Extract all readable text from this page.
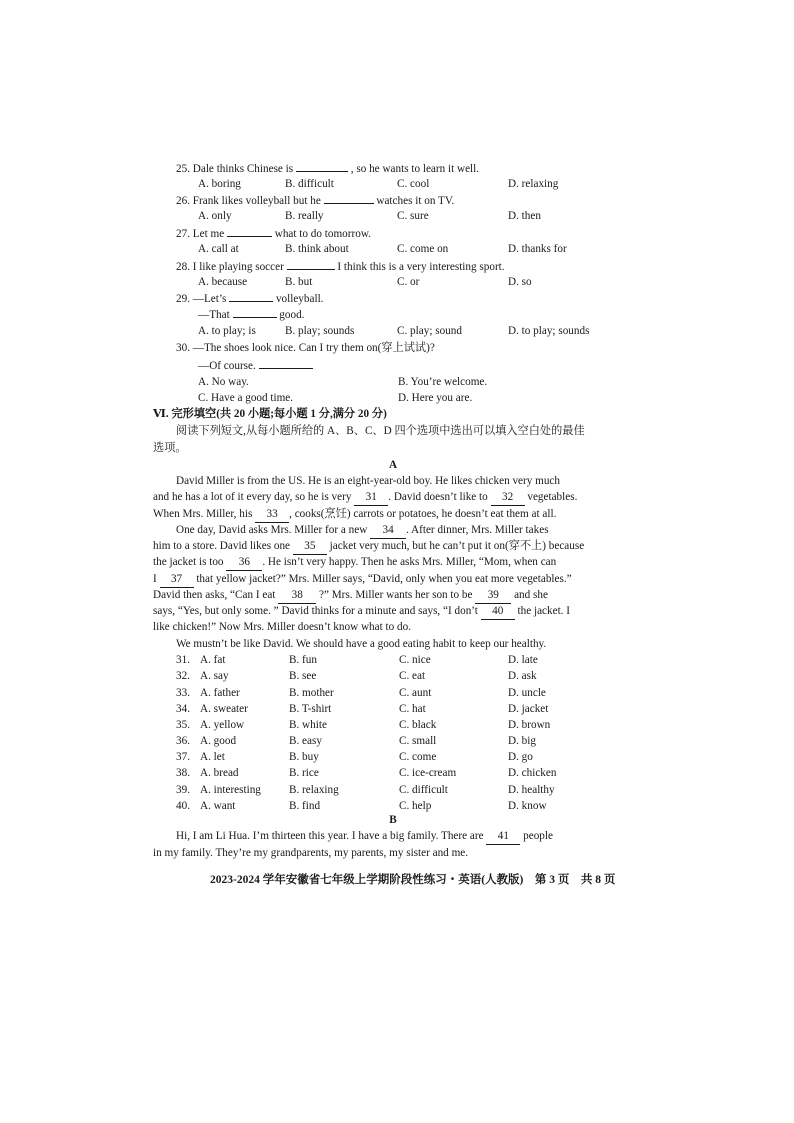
25. Dale thinks Chinese is	, so he wants to learn it well.
A. boring	B. difficult	C. cool	D. relaxing
26. Frank likes volleyball but he	watches it on TV.
A. only	B. really	C. sure	D. then
27. Let me	what to do tomorrow.
A. call at	B. think about	C. come on	D. thanks for
28. I like playing soccer	I think this is a very interesting sport.
A. because	B. but	C. or	D. so
29. —Let’s	volleyball.
—That	good.
A. to play; is	B. play; sounds	C. play; sound	D. to play; sounds
30. —The shoes look nice. Can I try them on(穿上试试)?
—Of course.
A. No way.	B. You’re welcome.
C. Have a good time.	D. Here you are.
Ⅵ. 完形填空(共 20 小题;每小题 1 分,满分 20 分)
阅读下列短文,从每小题所给的 A、B、C、D 四个选项中选出可以填入空白处的最佳
选项。
A
David Miller is from the US. He is an eight-year-old boy. He likes chicken very much
and he has a lot of it every day, so he is very 31 . David doesn’t like to 32 vegetables.
When Mrs. Miller, his 33 , cooks(烹饪) carrots or potatoes, he doesn’t eat them at all.
One day, David asks Mrs. Miller for a new 34 . After dinner, Mrs. Miller takes
him to a store. David likes one 35 jacket very much, but he can’t put it on(穿不上) because
the jacket is too 36 . He isn’t very happy. Then he asks Mrs. Miller, “Mom, when can
I 37 that yellow jacket?” Mrs. Miller says, “David, only when you eat more vegetables.”
David then asks, “Can I eat 38 ?” Mrs. Miller wants her son to be 39 and she
says, “Yes, but only some. ” David thinks for a minute and says, “I don’t 40 the jacket. I
like chicken!” Now Mrs. Miller doesn’t know what to do.
We mustn’t be like David. We should have a good eating habit to keep our healthy.
31. A. fat	B. fun	C. nice	D. late
32. A. say	B. see	C. eat	D. ask
33. A. father	B. mother	C. aunt	D. uncle
34. A. sweater	B. T-shirt	C. hat	D. jacket
35. A. yellow	B. white	C. black	D. brown
36. A. good	B. easy	C. small	D. big
37. A. let	B. buy	C. come	D. go
38. A. bread	B. rice	C. ice-cream	D. chicken
39. A. interesting	B. relaxing	C. difficult	D. healthy
40. A. want	B. find	C. help	D. know
B
Hi, I am Li Hua. I’m thirteen this year. I have a big family. There are 41 people
in my family. They’re my grandparents, my parents, my sister and me.
2023-2024 学年安徽省七年级上学期阶段性练习・英语(人教版)　第 3 页　共 8 页
